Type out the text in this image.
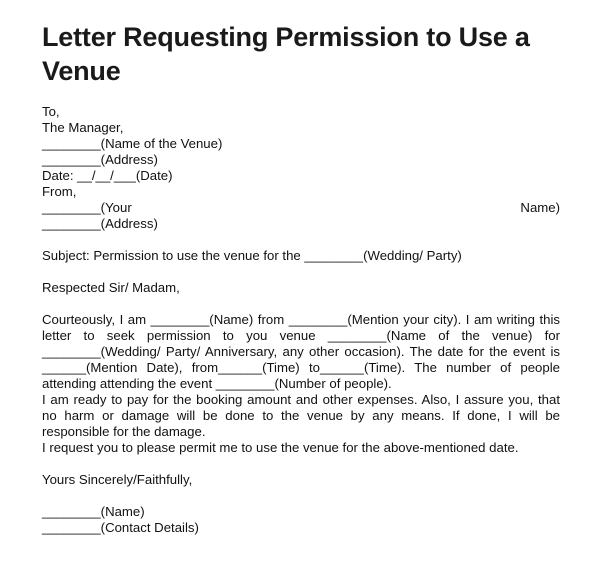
Letter Requesting Permission to Use a Venue
To,
The Manager,
________(Name of the Venue)
________(Address)
Date: __/__/___(Date)
From,
________(Your	Name)
________(Address)
Subject: Permission to use the venue for the ________(Wedding/ Party)
Respected Sir/ Madam,
Courteously, I am ________(Name) from ________(Mention your city). I am writing this letter to seek permission to you venue ________(Name of the venue) for ________(Wedding/ Party/ Anniversary, any other occasion). The date for the event is ______(Mention Date), from______(Time) to______(Time). The number of people attending attending the event ________(Number of people).
I am ready to pay for the booking amount and other expenses. Also, I assure you, that no harm or damage will be done to the venue by any means. If done, I will be responsible for the damage.
I request you to please permit me to use the venue for the above-mentioned date.
Yours Sincerely/Faithfully,
________(Name)
________(Contact Details)
